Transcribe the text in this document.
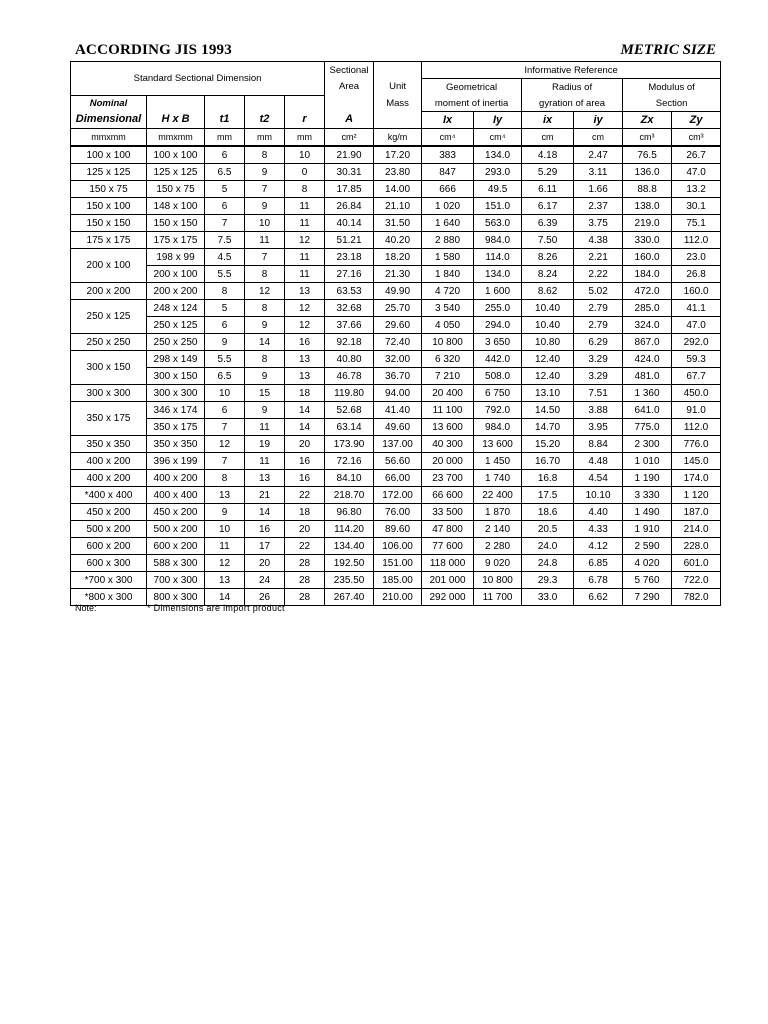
ACCORDING JIS 1993	METRIC SIZE
Standard Sectional Dimension					Sectional		Informative Reference					
					Area	Unit	Geometrical		Radius of		Modulus of	
Nominal						Mass	moment of inertia		gyration of area		Section	
Dimensional	H x B	t1	t2	r	A		Ix	Iy	ix	iy	Zx	Zy
mmxmm	mmxmm	mm	mm	mm	cm²	kg/m	cm⁴	cm⁴	cm	cm	cm³	cm³
100 x 100	100 x 100	6	8	10	21.90	17.20	383	134.0	4.18	2.47	76.5	26.7
125 x 125	125 x 125	6.5	9	0	30.31	23.80	847	293.0	5.29	3.11	136.0	47.0
150 x 75	150 x 75	5	7	8	17.85	14.00	666	49.5	6.11	1.66	88.8	13.2
150 x 100	148 x 100	6	9	11	26.84	21.10	1 020	151.0	6.17	2.37	138.0	30.1
150 x 150	150 x 150	7	10	11	40.14	31.50	1 640	563.0	6.39	3.75	219.0	75.1
175 x 175	175 x 175	7.5	11	12	51.21	40.20	2 880	984.0	7.50	4.38	330.0	112.0
200 x 100	198 x 99	4.5	7	11	23.18	18.20	1 580	114.0	8.26	2.21	160.0	23.0
	200 x 100	5.5	8	11	27.16	21.30	1 840	134.0	8.24	2.22	184.0	26.8
200 x 200	200 x 200	8	12	13	63.53	49.90	4 720	1 600	8.62	5.02	472.0	160.0
250 x 125	248 x 124	5	8	12	32.68	25.70	3 540	255.0	10.40	2.79	285.0	41.1
	250 x 125	6	9	12	37.66	29.60	4 050	294.0	10.40	2.79	324.0	47.0
250 x 250	250 x 250	9	14	16	92.18	72.40	10 800	3 650	10.80	6.29	867.0	292.0
300 x 150	298 x 149	5.5	8	13	40.80	32.00	6 320	442.0	12.40	3.29	424.0	59.3
	300 x 150	6.5	9	13	46.78	36.70	7 210	508.0	12.40	3.29	481.0	67.7
300 x 300	300 x 300	10	15	18	119.80	94.00	20 400	6 750	13.10	7.51	1 360	450.0
350 x 175	346 x 174	6	9	14	52.68	41.40	11 100	792.0	14.50	3.88	641.0	91.0
	350 x 175	7	11	14	63.14	49.60	13 600	984.0	14.70	3.95	775.0	112.0
350 x 350	350 x 350	12	19	20	173.90	137.00	40 300	13 600	15.20	8.84	2 300	776.0
400 x 200	396 x 199	7	11	16	72.16	56.60	20 000	1 450	16.70	4.48	1 010	145.0
400 x 200	400 x 200	8	13	16	84.10	66.00	23 700	1 740	16.8	4.54	1 190	174.0
*400 x 400	400 x 400	13	21	22	218.70	172.00	66 600	22 400	17.5	10.10	3 330	1 120
450 x 200	450 x 200	9	14	18	96.80	76.00	33 500	1 870	18.6	4.40	1 490	187.0
500 x 200	500 x 200	10	16	20	114.20	89.60	47 800	2 140	20.5	4.33	1 910	214.0
600 x 200	600 x 200	11	17	22	134.40	106.00	77 600	2 280	24.0	4.12	2 590	228.0
600 x 300	588 x 300	12	20	28	192.50	151.00	118 000	9 020	24.8	6.85	4 020	601.0
*700 x 300	700 x 300	13	24	28	235.50	185.00	201 000	10 800	29.3	6.78	5 760	722.0
*800 x 300	800 x 300	14	26	28	267.40	210.00	292 000	11 700	33.0	6.62	7 290	782.0
Note:	* Dimensions are import product
